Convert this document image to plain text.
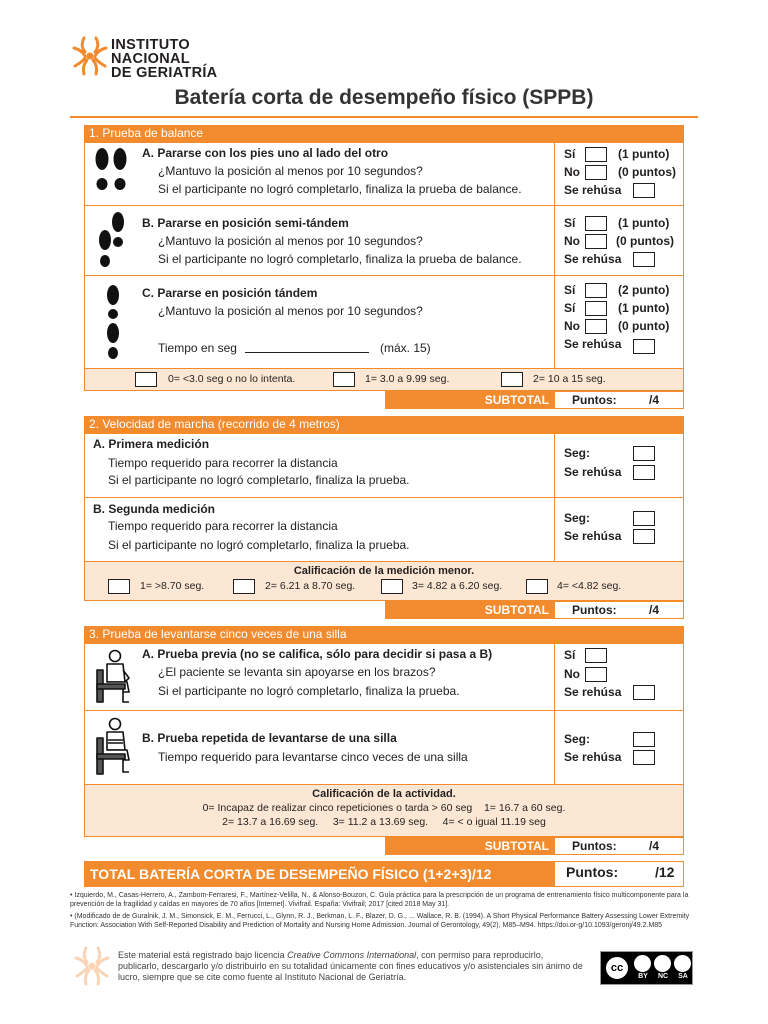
INSTITUTO
NACIONAL
DE GERIATRÍA
Batería corta de desempeño físico (SPPB)
1. Prueba de balance
A. Pararse con los pies uno al lado del otro
¿Mantuvo la posición al menos por 10 segundos?
Si el participante no logró completarlo, finaliza la prueba de balance.
Sí	(1 punto)
No	(0 puntos)
Se rehúsa
B. Pararse en posición semi-tándem
¿Mantuvo la posición al menos por 10 segundos?
Si el participante no logró completarlo, finaliza la prueba de balance.
Sí	(1 punto)
No	(0 puntos)
Se rehúsa
C. Pararse en posición tándem
¿Mantuvo la posición al menos por 10 segundos?
Tiempo en seg	(máx. 15)
Sí	(2 punto)
Sí	(1 punto)
No	(0 punto)
Se rehúsa
0= <3.0 seg o no lo intenta.	1= 3.0 a 9.99 seg.	2= 10 a 15 seg.
SUBTOTAL	Puntos:	/4
2. Velocidad de marcha (recorrido de 4 metros)
A. Primera medición
Tiempo requerido para recorrer la distancia
Si el participante no logró completarlo, finaliza la prueba.
Seg:
Se rehúsa
B. Segunda medición
Tiempo requerido para recorrer la distancia
Si el participante no logró completarlo, finaliza la prueba.
Seg:
Se rehúsa
Calificación de la medición menor.
1= >8.70 seg.	2= 6.21 a 8.70 seg.	3= 4.82 a 6.20 seg.	4= <4.82 seg.
SUBTOTAL	Puntos:	/4
3. Prueba de levantarse cinco veces de una silla
A. Prueba previa (no se califica, sólo para decidir si pasa a B)
¿El paciente se levanta sin apoyarse en los brazos?
Si el participante no logró completarlo, finaliza la prueba.
Sí
No
Se rehúsa
B. Prueba repetida de levantarse de una silla
Tiempo requerido para levantarse cinco veces de una silla
Seg:
Se rehúsa
Calificación de la actividad.
0= Incapaz de realizar cinco repeticiones o tarda > 60 seg 1= 16.7 a 60 seg.
2= 13.7 a 16.69 seg. 3= 11.2 a 13.69 seg. 4= < o igual 11.19 seg
SUBTOTAL	Puntos:	/4
TOTAL BATERÍA CORTA DE DESEMPEÑO FÍSICO (1+2+3)/12	Puntos:	/12
• Izquierdo, M., Casas-Herrero, A., Zambom-Ferraresi, F., Martínez-Velilla, N., & Alonso-Bouzon, C. Guía práctica para la prescripción de un programa de entrenamiento físico multicomponente para la prevención de la fragilidad y caídas en mayores de 70 años [Internet]. Vivifrail. España: Vivifrail; 2017 [cited 2018 May 31].
• (Modificado de de Guralnik, J. M., Simonsick, E. M., Ferrucci, L., Glynn, R. J., Berkman, L. F., Blazer, D. G., ... Wallace, R. B. (1994). A Short Physical Performance Battery Assessing Lower Extremity Function: Association With Self-Reported Disability and Prediction of Mortality and Nursing Home Admission. Journal of Gerontology, 49(2), M85–M94. https://doi.or-g/10.1093/geronj/49.2.M85
Este material está registrado bajo licencia Creative Commons International, con permiso para reproducirlo, publicarlo, descargarlo y/o distribuirlo en su totalidad únicamente con fines educativos y/o asistenciales sin ánimo de lucro, siempre que se cite como fuente al Instituto Nacional de Geriatría.
cc
BY	NC	SA
